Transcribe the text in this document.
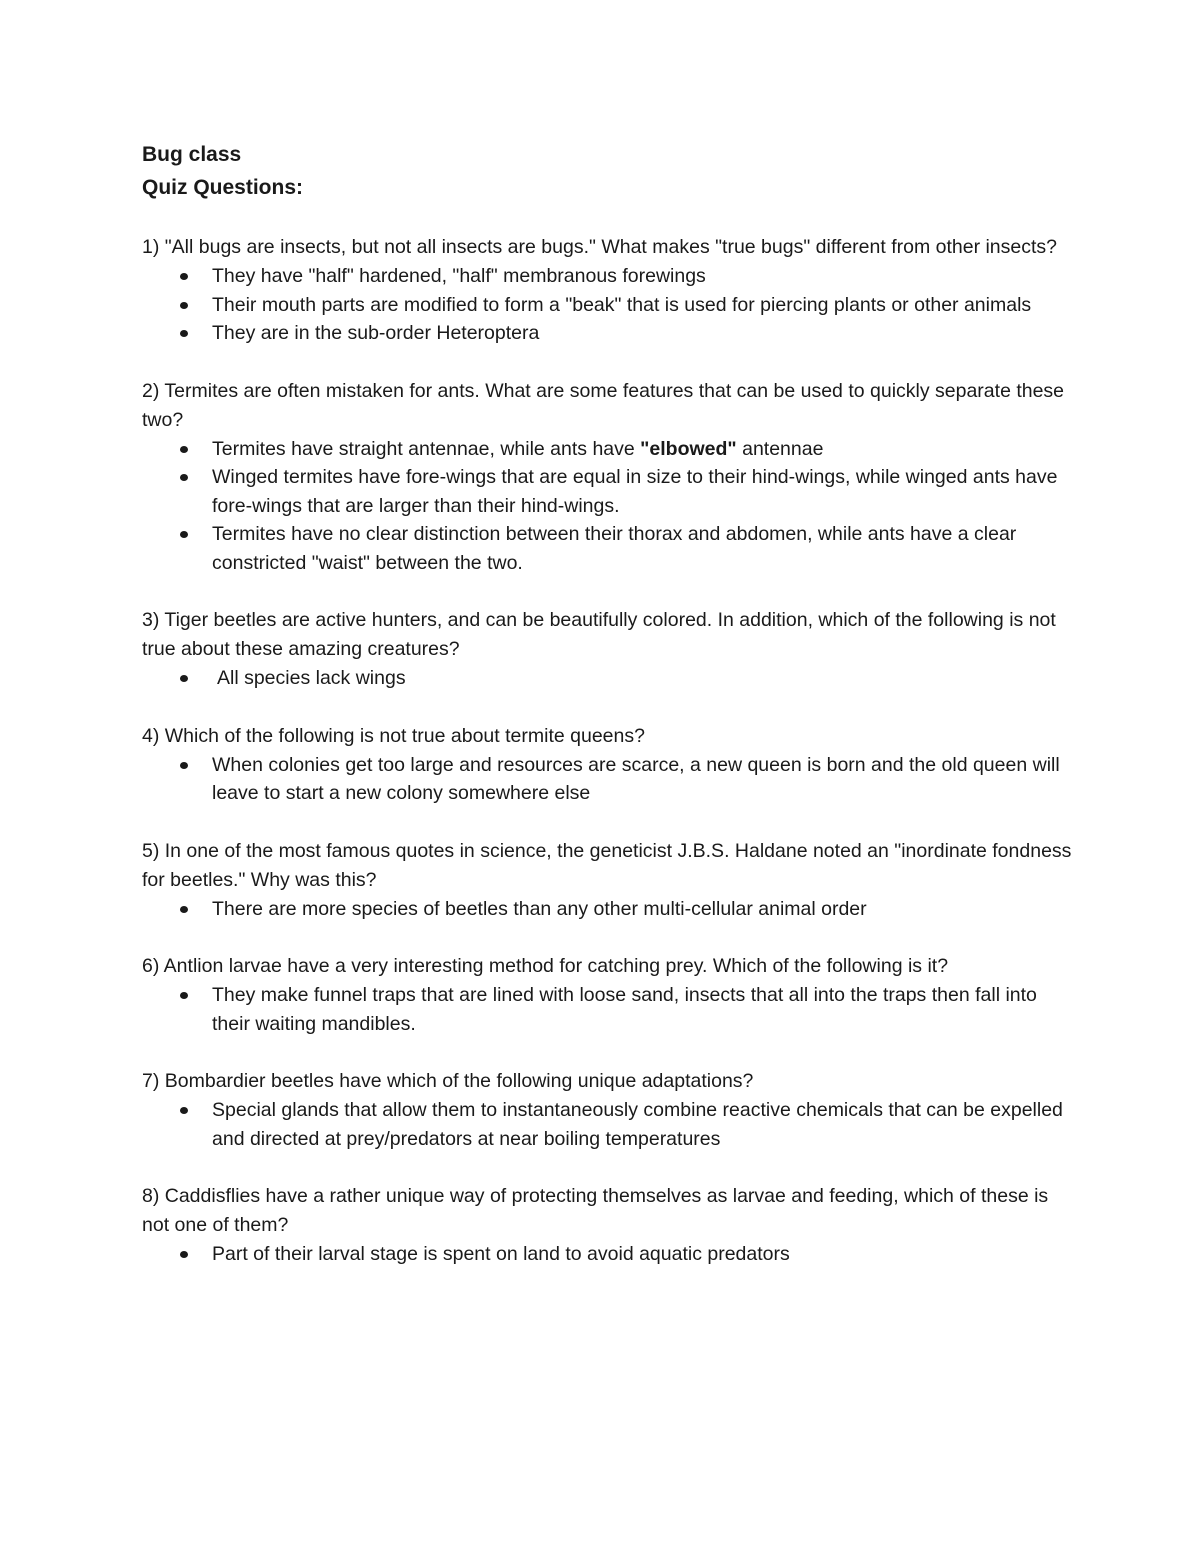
Bug class
Quiz Questions:

1) "All bugs are insects, but not all insects are bugs." What makes "true bugs" different from other insects?

They have "half" hardened, "half" membranous forewings
Their mouth parts are modified to form a "beak" that is used for piercing plants or other animals
They are in the sub-order Heteroptera

2) Termites are often mistaken for ants. What are some features that can be used to quickly separate these two?

Termites have straight antennae, while ants have "elbowed" antennae
Winged termites have fore-wings that are equal in size to their hind-wings, while winged ants have fore-wings that are larger than their hind-wings.
Termites have no clear distinction between their thorax and abdomen, while ants have a clear constricted "waist" between the two.

3) Tiger beetles are active hunters, and can be beautifully colored. In addition, which of the following is not true about these amazing creatures?

All species lack wings

4) Which of the following is not true about termite queens?

When colonies get too large and resources are scarce, a new queen is born and the old queen will leave to start a new colony somewhere else

5) In one of the most famous quotes in science, the geneticist J.B.S. Haldane noted an "inordinate fondness for beetles." Why was this?

There are more species of beetles than any other multi-cellular animal order

6) Antlion larvae have a very interesting method for catching prey. Which of the following is it?

They make funnel traps that are lined with loose sand, insects that all into the traps then fall into their waiting mandibles.

7) Bombardier beetles have which of the following unique adaptations?

Special glands that allow them to instantaneously combine reactive chemicals that can be expelled and directed at prey/predators at near boiling temperatures

8) Caddisflies have a rather unique way of protecting themselves as larvae and feeding, which of these is not one of them?

Part of their larval stage is spent on land to avoid aquatic predators
